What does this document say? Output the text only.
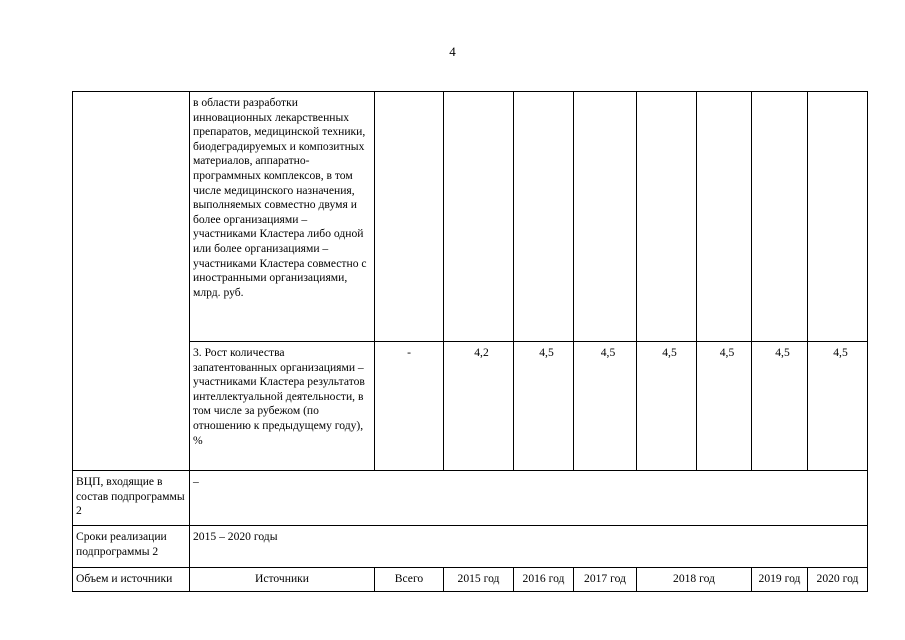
4
	в области разработки инновационных лекарственных препаратов, медицинской техники, биодеградируемых и композитных материалов, аппаратно-программных комплексов, в том числе медицинского назначения, выполняемых совместно двумя и более организациями – участниками Кластера либо одной или более организациями – участниками Кластера совместно с иностранными организациями, млрд. руб.								
	3. Рост количества запатентованных организациями – участниками Кластера результатов интеллектуальной деятельности, в том числе за рубежом (по отношению к предыдущему году), %	-	4,2	4,5	4,5	4,5	4,5	4,5	4,5
ВЦП, входящие в состав подпрограммы 2	–								
Сроки реализации подпрограммы 2	2015 – 2020 годы								
Объем и источники	Источники	Всего	2015 год	2016 год	2017 год	2018 год		2019 год	2020 год
